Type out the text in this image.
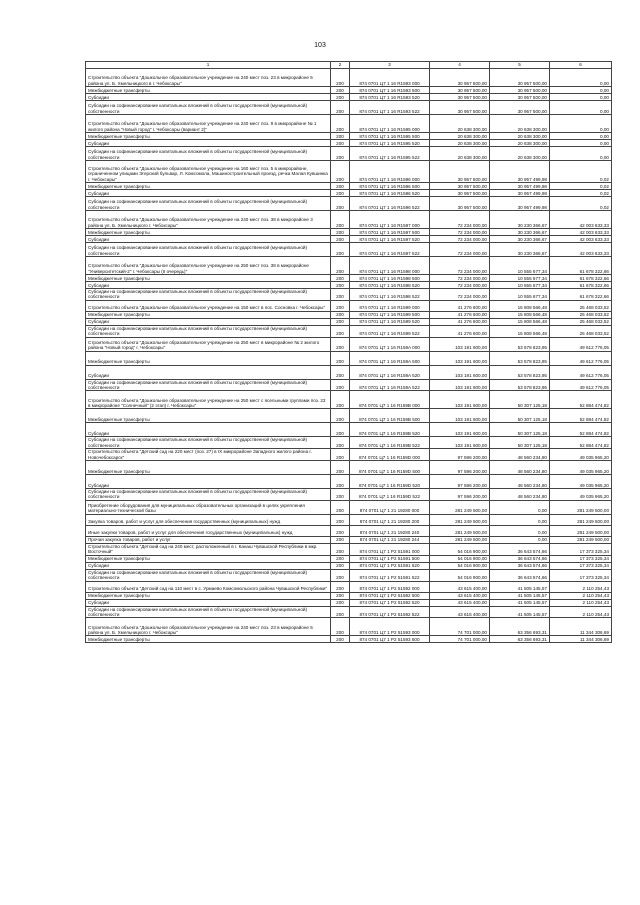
103
1	2	3	4	5	6
Строительство объекта "Дошкольное образовательное учреждение на 240 мест поз. 23 в микрорайоне 5 района ул. Б. Хмельницкого в г. Чебоксары"	200	874 0701 Ц7 1 16 R1593 000	30 957 500,00	30 957 500,00	0,00
Межбюджетные трансферты	200	874 0701 Ц7 1 16 R1593 500	30 957 500,00	30 957 500,00	0,00
Субсидии	200	874 0701 Ц7 1 16 R1593 520	30 957 500,00	30 957 500,00	0,00
Субсидии на софинансирование капитальных вложений в объекты государственной (муниципальной) собственности	200	874 0701 Ц7 1 16 R1593 522	30 957 500,00	30 957 500,00	0,00
Строительство объекта "Дошкольное образовательное учреждение на 240 мест поз. 9 в микрорайоне № 1 жилого района "Новый город" г. Чебоксары (вариант 2)"	200	874 0701 Ц7 1 16 R1595 000	20 638 300,00	20 638 300,00	0,00
Межбюджетные трансферты	200	874 0701 Ц7 1 16 R1595 500	20 638 300,00	20 638 300,00	0,00
Субсидии	200	874 0701 Ц7 1 16 R1595 520	20 638 300,00	20 638 300,00	0,00
Субсидии на софинансирование капитальных вложений в объекты государственной (муниципальной) собственности	200	874 0701 Ц7 1 16 R1595 522	20 638 300,00	20 638 300,00	0,00
Строительство объекта "Дошкольное образовательное учреждение на 160 мест поз. 5 в микрорайоне, ограниченном улицами Эгерский бульвар, Л. Комсомола, Машиностроительный проезд, речка Малая Кувшинка г. Чебоксары"	200	874 0701 Ц7 1 16 R1596 000	30 957 500,00	30 957 499,98	0,02
Межбюджетные трансферты	200	874 0701 Ц7 1 16 R1596 500	30 957 500,00	30 957 499,98	0,02
Субсидии	200	874 0701 Ц7 1 16 R1596 520	30 957 500,00	30 957 499,98	0,02
Субсидии на софинансирование капитальных вложений в объекты государственной (муниципальной) собственности	200	874 0701 Ц7 1 16 R1596 522	30 957 500,00	30 957 499,98	0,02
Строительство объекта "Дошкольное образовательное учреждение на 240 мест поз. 38 в микрорайоне 3 района ул. Б. Хмельницкого г. Чебоксары"	200	874 0701 Ц7 1 16 R1597 000	72 234 000,00	30 230 366,67	42 003 633,33
Межбюджетные трансферты	200	874 0701 Ц7 1 16 R1597 500	72 234 000,00	30 230 366,67	42 003 633,33
Субсидии	200	874 0701 Ц7 1 16 R1597 520	72 234 000,00	30 230 366,67	42 003 633,33
Субсидии на софинансирование капитальных вложений в объекты государственной (муниципальной) собственности	200	874 0701 Ц7 1 16 R1597 522	72 234 000,00	30 230 366,67	42 003 633,33
Строительство объекта "Дошкольное образовательное учреждение на 250 мест поз. 38 в микрорайоне "Университетский-2" г. Чебоксары (II очередь)"	200	874 0701 Ц7 1 16 R1598 000	72 234 000,00	10 555 677,34	61 678 322,66
Межбюджетные трансферты	200	874 0701 Ц7 1 16 R1598 500	72 234 000,00	10 555 677,34	61 678 322,66
Субсидии	200	874 0701 Ц7 1 16 R1598 520	72 234 000,00	10 555 677,34	61 678 322,66
Субсидии на софинансирование капитальных вложений в объекты государственной (муниципальной) собственности	200	874 0701 Ц7 1 16 R1598 522	72 234 000,00	10 555 677,34	61 678 322,66
Строительство объекта "Дошкольное образовательное учреждение на 150 мест в пос. Сосновка г. Чебоксары"	200	874 0701 Ц7 1 16 R1599 000	41 276 600,00	15 808 566,48	25 468 033,52
Межбюджетные трансферты	200	874 0701 Ц7 1 16 R1599 500	41 276 600,00	15 808 566,48	25 468 033,52
Субсидии	200	874 0701 Ц7 1 16 R1599 520	41 276 600,00	15 808 566,48	25 468 033,52
Субсидии на софинансирование капитальных вложений в объекты государственной (муниципальной) собственности	200	874 0701 Ц7 1 16 R1599 522	41 276 600,00	15 808 566,48	25 468 033,52
Строительство объекта "Дошкольное образовательное учреждение на 250 мест в микрорайоне № 2 жилого района "Новый город" г. Чебоксары"	200	874 0701 Ц7 1 16 R159A 000	103 191 600,00	53 578 823,95	49 612 776,05
Межбюджетные трансферты	200	874 0701 Ц7 1 16 R159A 500	103 191 600,00	53 578 823,95	49 612 776,05
Субсидии	200	874 0701 Ц7 1 16 R159A 520	103 191 600,00	53 578 823,95	49 612 776,05
Субсидии на софинансирование капитальных вложений в объекты государственной (муниципальной) собственности	200	874 0701 Ц7 1 16 R159A 522	103 191 600,00	53 578 823,95	49 612 776,05
Строительство объекта "Дошкольное образовательное учреждение на 250 мест с ясельными группами поз. 23 в микрорайоне "Солнечный" (2 этап) г. Чебоксары"	200	874 0701 Ц7 1 16 R159B 000	103 191 600,00	50 307 125,18	52 884 474,82
Межбюджетные трансферты	200	874 0701 Ц7 1 16 R159B 500	103 191 600,00	50 307 125,18	52 884 474,82
Субсидии	200	874 0701 Ц7 1 16 R159B 520	103 191 600,00	50 307 125,18	52 884 474,82
Субсидии на софинансирование капитальных вложений в объекты государственной (муниципальной) собственности	200	874 0701 Ц7 1 16 R159B 522	103 191 600,00	50 307 125,18	52 884 474,82
Строительство объекта "Детский сад на 220 мест (поз. 27) в IX микрорайоне Западного жилого района г. Новочебоксарск"	200	874 0701 Ц7 1 16 R159D 000	97 596 200,00	48 560 234,80	49 035 965,20
Межбюджетные трансферты	200	874 0701 Ц7 1 16 R159D 500	97 596 200,00	48 560 234,80	49 035 965,20
Субсидии	200	874 0701 Ц7 1 16 R159D 520	97 596 200,00	48 560 234,80	49 035 965,20
Субсидии на софинансирование капитальных вложений в объекты государственной (муниципальной) собственности	200	874 0701 Ц7 1 16 R159D 522	97 596 200,00	48 560 234,80	49 035 965,20
Приобретение оборудования для муниципальных образовательных организаций в целях укрепления материально-технической базы	200	874 0701 Ц7 1 21 19280 000	281 249 500,00	0,00	281 249 500,00
Закупка товаров, работ и услуг для обеспечения государственных (муниципальных) нужд	200	874 0701 Ц7 1 21 19280 200	281 249 500,00	0,00	281 249 500,00
Иные закупки товаров, работ и услуг для обеспечения государственных (муниципальных) нужд	200	874 0701 Ц7 1 21 19280 240	281 249 500,00	0,00	281 249 500,00
Прочая закупка товаров, работ и услуг	200	874 0701 Ц7 1 21 19280 244	281 249 500,00	0,00	281 249 500,00
Строительство объекта "Детский сад на 240 мест, расположенный в г. Канаш Чувашской Республики в мкр. Восточный"	200	874 0701 Ц7 1 P2 51591 000	54 016 900,00	36 643 574,66	17 373 325,34
Межбюджетные трансферты	200	874 0701 Ц7 1 P2 51591 500	54 016 900,00	36 643 574,66	17 373 325,34
Субсидии	200	874 0701 Ц7 1 P2 51591 520	54 016 900,00	36 643 574,66	17 373 325,34
Субсидии на софинансирование капитальных вложений в объекты государственной (муниципальной) собственности	200	874 0701 Ц7 1 P2 51591 522	54 016 900,00	36 643 574,66	17 373 325,34
Строительство объекта "Детский сад на 110 мест в с. Урмаево Комсомольского района Чувашской Республики"	200	874 0701 Ц7 1 P2 51592 000	43 615 400,00	41 505 145,57	2 110 254,43
Межбюджетные трансферты	200	874 0701 Ц7 1 P2 51592 500	43 615 400,00	41 505 145,57	2 110 254,43
Субсидии	200	874 0701 Ц7 1 P2 51592 520	43 615 400,00	41 505 145,57	2 110 254,43
Субсидии на софинансирование капитальных вложений в объекты государственной (муниципальной) собственности	200	874 0701 Ц7 1 P2 51592 522	43 615 400,00	41 505 145,57	2 110 254,43
Строительство объекта "Дошкольное образовательное учреждение на 240 мест поз. 23 в микрорайоне 5 района ул. Б. Хмельницкого г. Чебоксары"	200	874 0701 Ц7 1 P2 51593 000	74 701 000,00	63 356 693,31	11 344 306,69
Межбюджетные трансферты	200	874 0701 Ц7 1 P2 51593 500	74 701 000,00	63 356 693,31	11 344 306,69
